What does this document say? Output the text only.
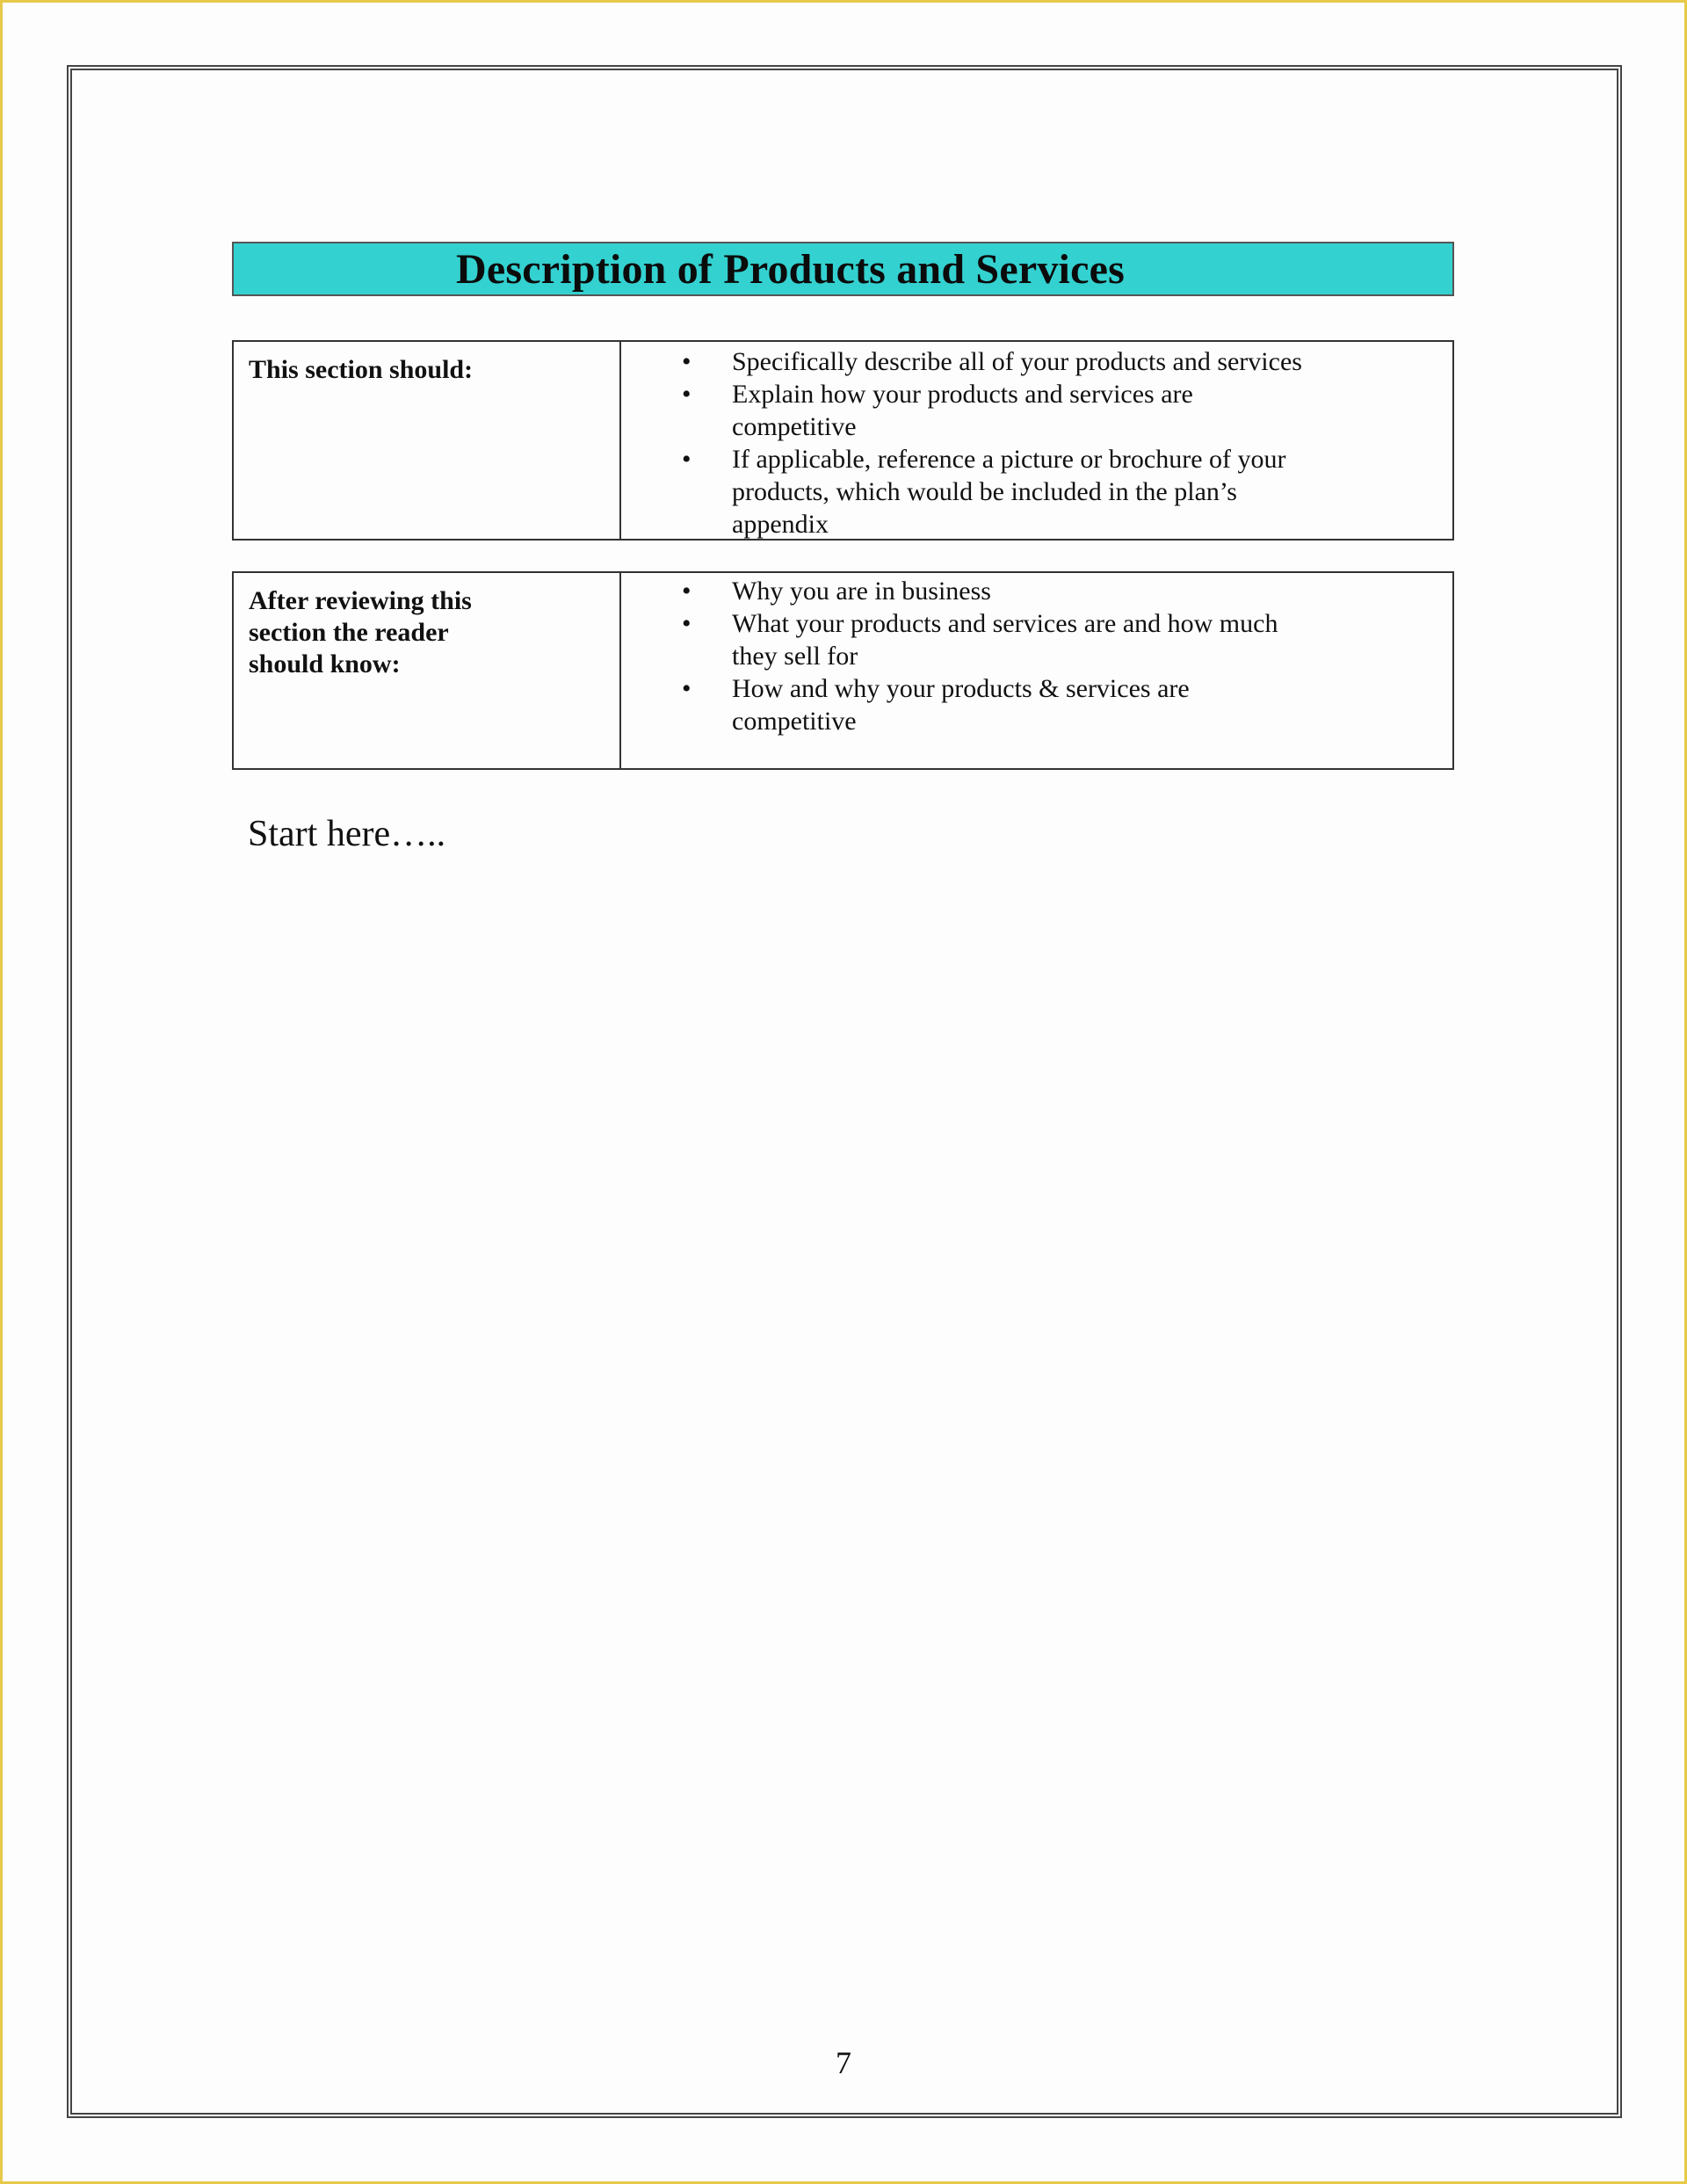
Description of Products and Services
This section should:	• Specifically describe all of your products and services
• Explain how your products and services are competitive
• If applicable, reference a picture or brochure of your products, which would be included in the plan’s appendix
After reviewing this section the reader should know:
• Why you are in business
• What your products and services are and how much they sell for
• How and why your products & services are competitive
Start here…..
7
